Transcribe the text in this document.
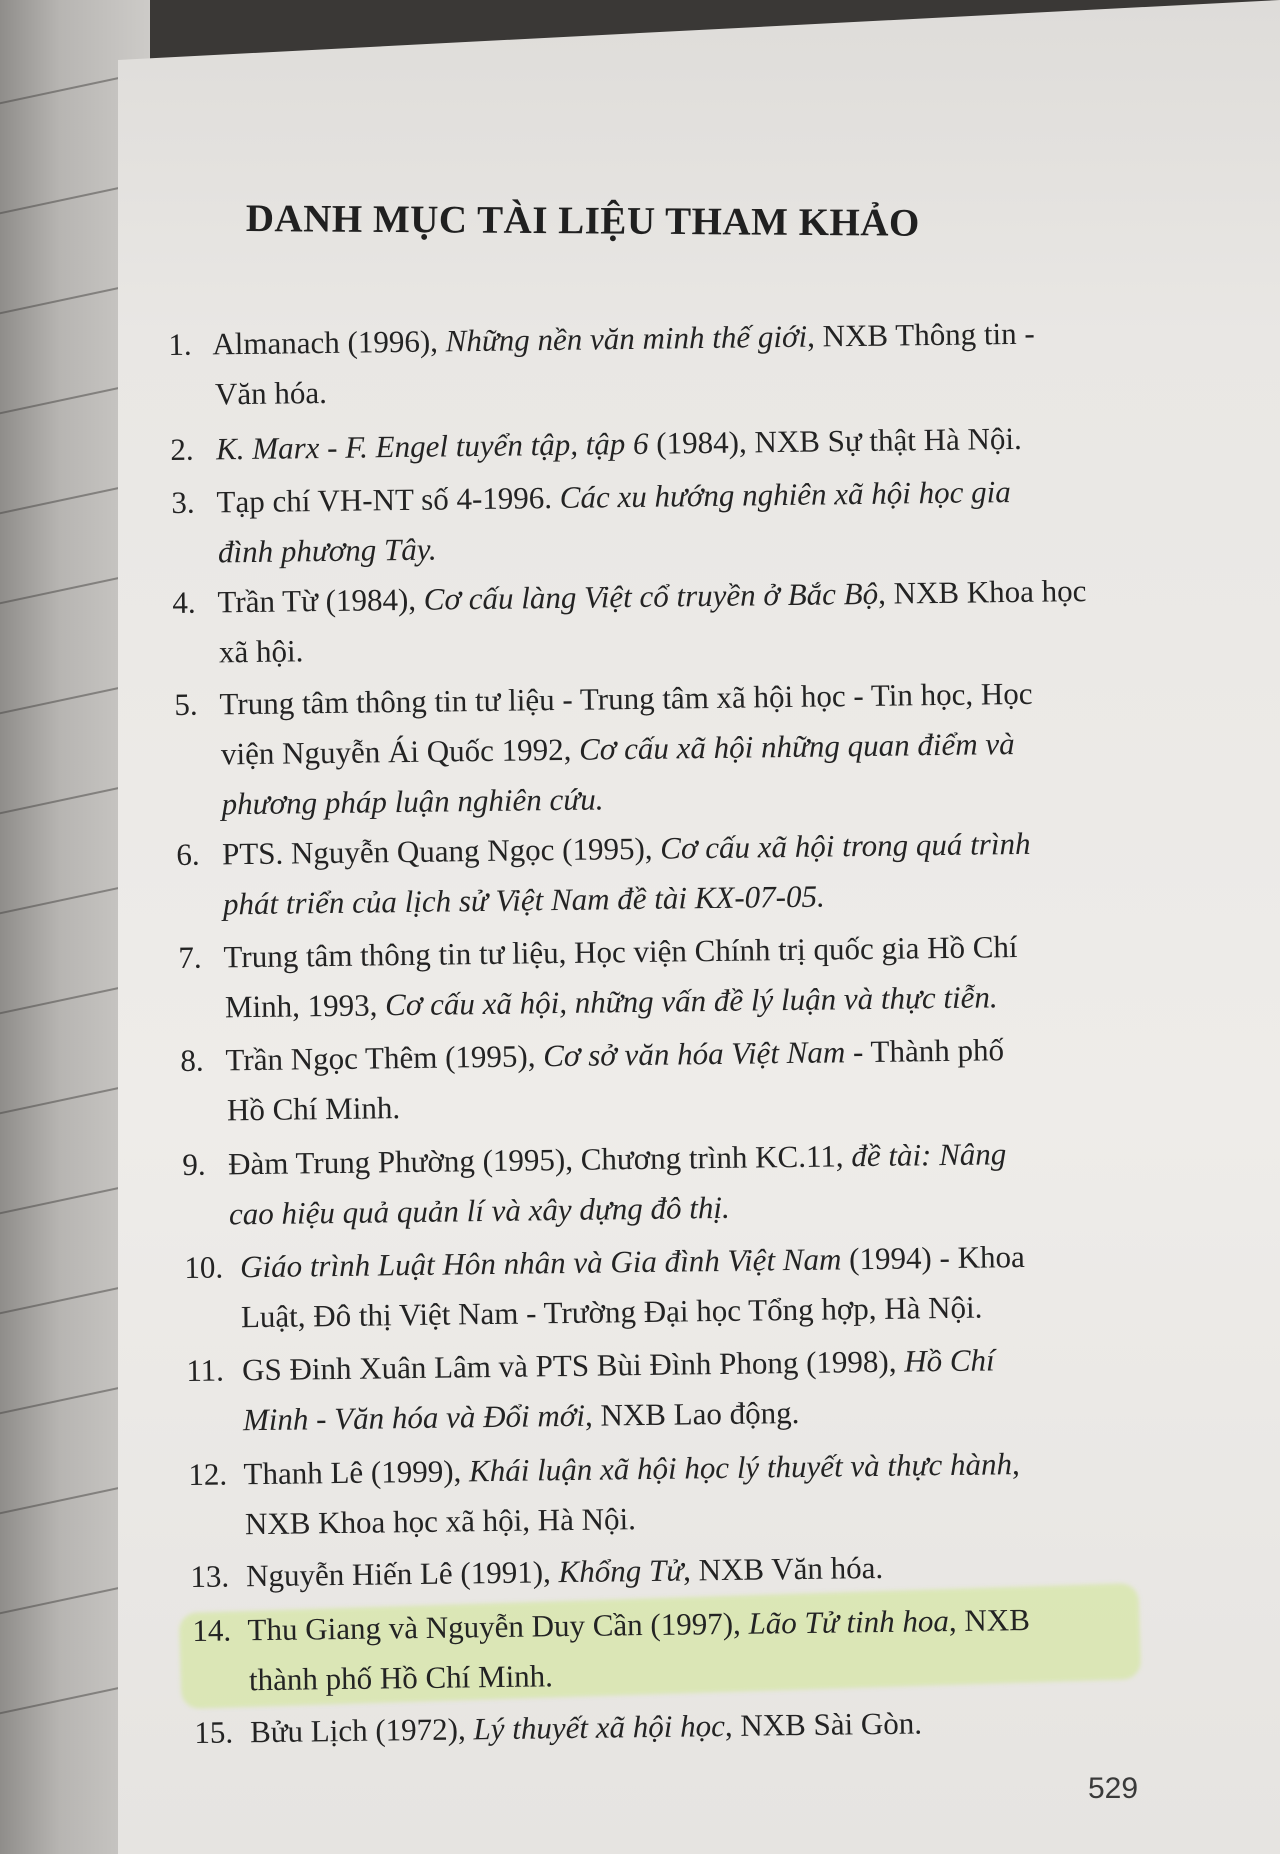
DANH MỤC TÀI LIỆU THAM KHẢO
1. Almanach (1996), Những nền văn minh thế giới, NXB Thông tin -
Văn hóa.
2. K. Marx - F. Engel tuyển tập, tập 6 (1984), NXB Sự thật Hà Nội.
3. Tạp chí VH-NT số 4-1996. Các xu hướng nghiên xã hội học gia
đình phương Tây.
4. Trần Từ (1984), Cơ cấu làng Việt cổ truyền ở Bắc Bộ, NXB Khoa học
xã hội.
5. Trung tâm thông tin tư liệu - Trung tâm xã hội học - Tin học, Học
viện Nguyễn Ái Quốc 1992, Cơ cấu xã hội những quan điểm và
phương pháp luận nghiên cứu.
6. PTS. Nguyễn Quang Ngọc (1995), Cơ cấu xã hội trong quá trình
phát triển của lịch sử Việt Nam đề tài KX-07-05.
7. Trung tâm thông tin tư liệu, Học viện Chính trị quốc gia Hồ Chí
Minh, 1993, Cơ cấu xã hội, những vấn đề lý luận và thực tiễn.
8. Trần Ngọc Thêm (1995), Cơ sở văn hóa Việt Nam - Thành phố
Hồ Chí Minh.
9. Đàm Trung Phường (1995), Chương trình KC.11, đề tài: Nâng
cao hiệu quả quản lí và xây dựng đô thị.
10. Giáo trình Luật Hôn nhân và Gia đình Việt Nam (1994) - Khoa
Luật, Đô thị Việt Nam - Trường Đại học Tổng hợp, Hà Nội.
11. GS Đinh Xuân Lâm và PTS Bùi Đình Phong (1998), Hồ Chí
Minh - Văn hóa và Đổi mới, NXB Lao động.
12. Thanh Lê (1999), Khái luận xã hội học lý thuyết và thực hành,
NXB Khoa học xã hội, Hà Nội.
13. Nguyễn Hiến Lê (1991), Khổng Tử, NXB Văn hóa.
14. Thu Giang và Nguyễn Duy Cần (1997), Lão Tử tinh hoa, NXB
thành phố Hồ Chí Minh.
15. Bửu Lịch (1972), Lý thuyết xã hội học, NXB Sài Gòn.
529
